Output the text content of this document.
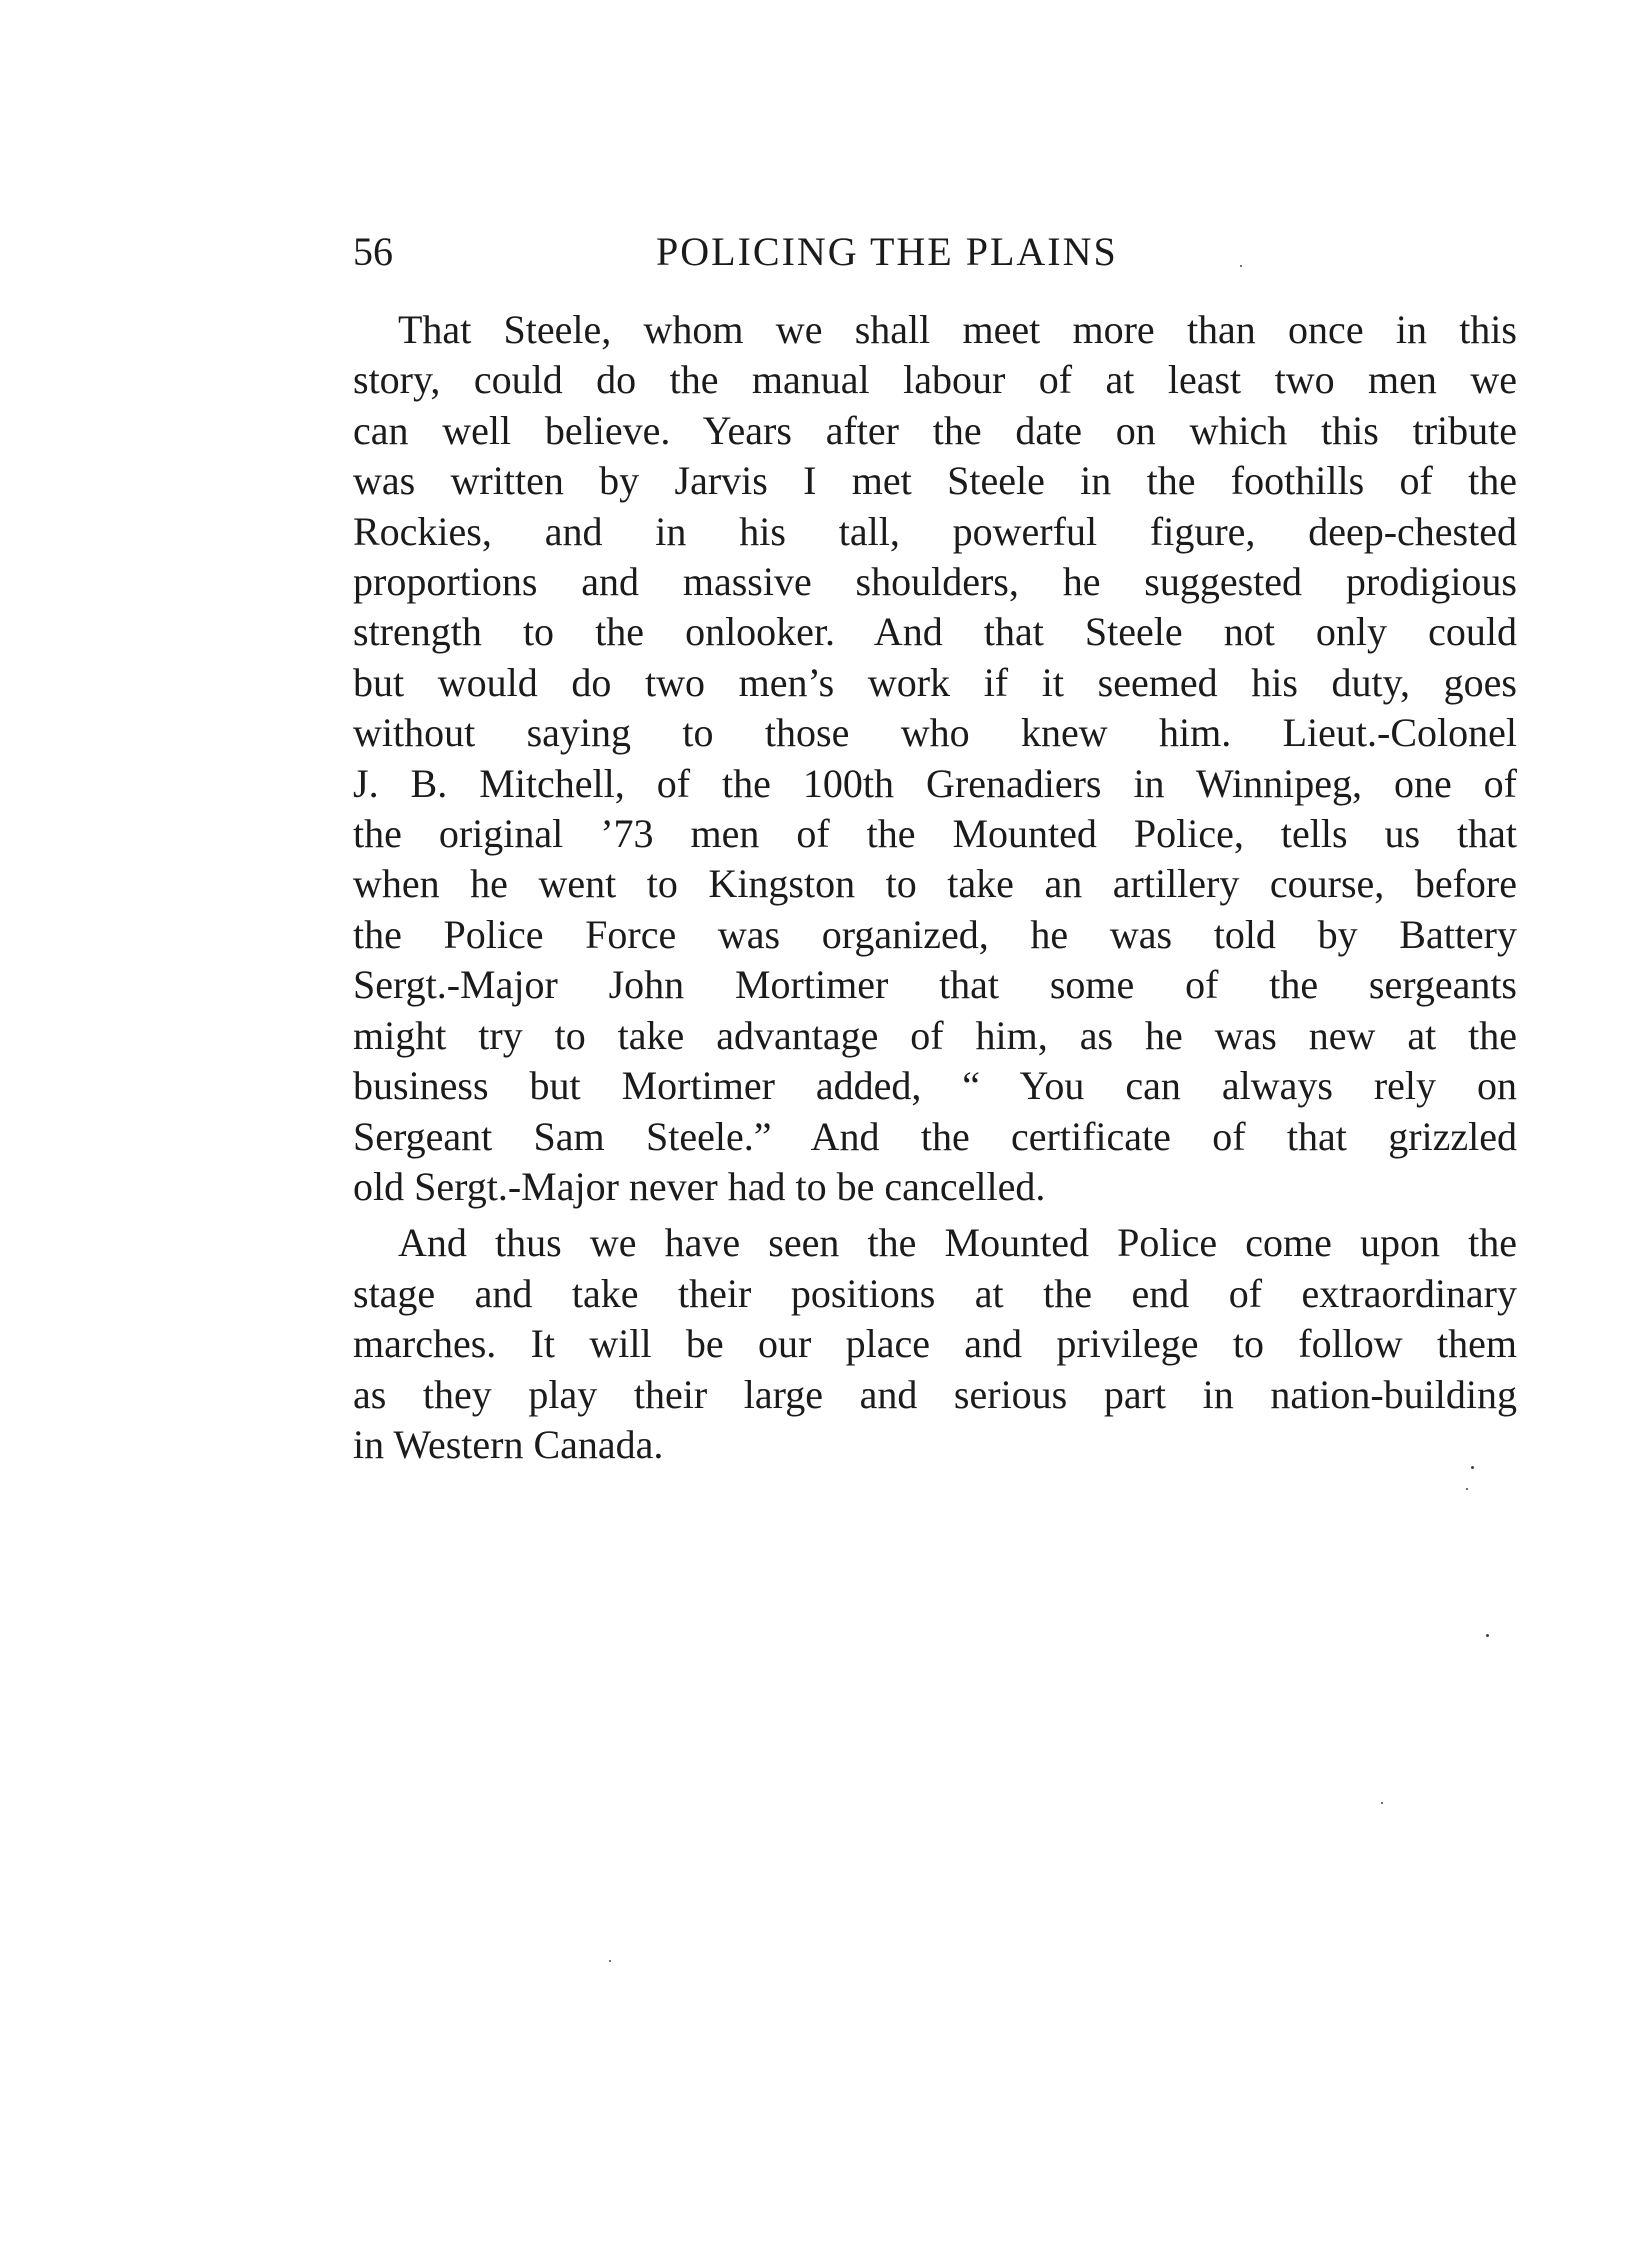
56	POLICING THE PLAINS

That Steele, whom we shall meet more than once in this
story, could do the manual labour of at least two men we
can well believe. Years after the date on which this tribute
was written by Jarvis I met Steele in the foothills of the
Rockies, and in his tall, powerful figure, deep-chested
proportions and massive shoulders, he suggested prodigious
strength to the onlooker. And that Steele not only could
but would do two men’s work if it seemed his duty, goes
without saying to those who knew him. Lieut.-Colonel
J. B. Mitchell, of the 100th Grenadiers in Winnipeg, one of
the original ’73 men of the Mounted Police, tells us that
when he went to Kingston to take an artillery course, before
the Police Force was organized, he was told by Battery
Sergt.-Major John Mortimer that some of the sergeants
might try to take advantage of him, as he was new at the
business but Mortimer added, “ You can always rely on
Sergeant Sam Steele.” And the certificate of that grizzled
old Sergt.-Major never had to be cancelled.

And thus we have seen the Mounted Police come upon the
stage and take their positions at the end of extraordinary
marches. It will be our place and privilege to follow them
as they play their large and serious part in nation-building
in Western Canada.
